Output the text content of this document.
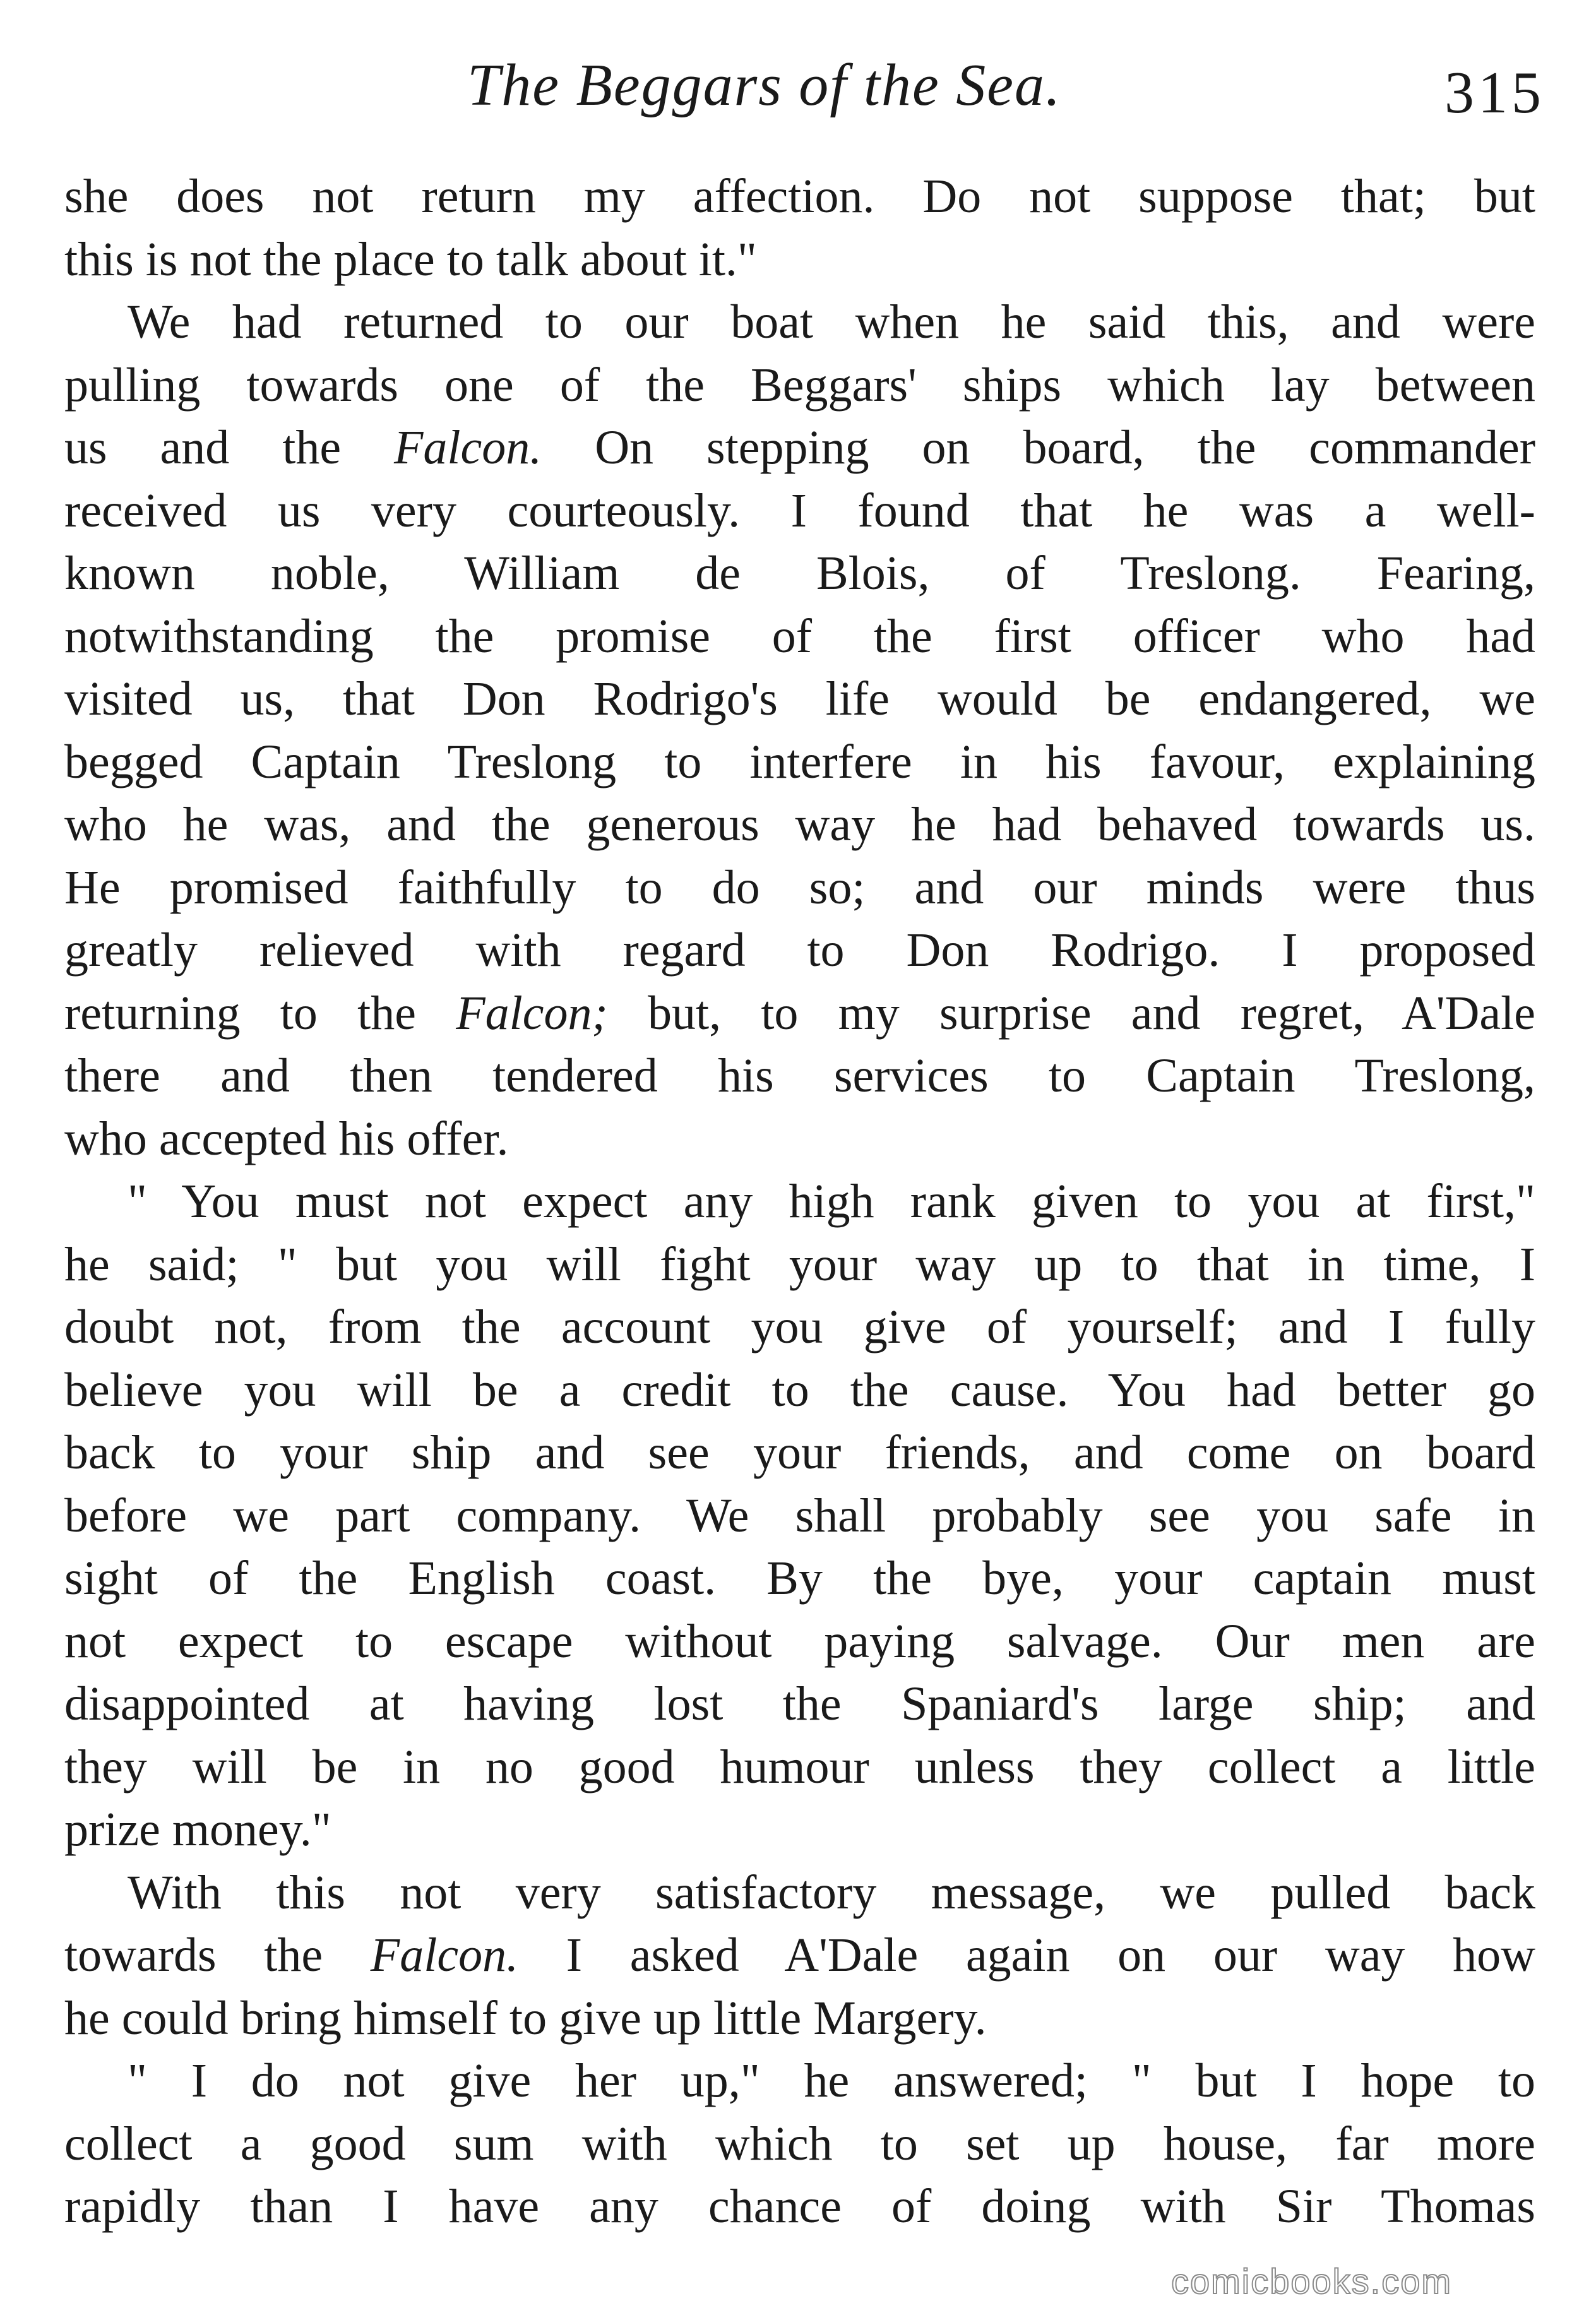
The Beggars of the Sea.	315
she does not return my affection. Do not suppose that; but
this is not the place to talk about it."
We had returned to our boat when he said this, and were
pulling towards one of the Beggars' ships which lay between
us and the Falcon. On stepping on board, the commander
received us very courteously. I found that he was a well-
known noble, William de Blois, of Treslong. Fearing,
notwithstanding the promise of the first officer who had
visited us, that Don Rodrigo's life would be endangered, we
begged Captain Treslong to interfere in his favour, explaining
who he was, and the generous way he had behaved towards us.
He promised faithfully to do so; and our minds were thus
greatly relieved with regard to Don Rodrigo. I proposed
returning to the Falcon; but, to my surprise and regret, A'Dale
there and then tendered his services to Captain Treslong,
who accepted his offer.
" You must not expect any high rank given to you at first,"
he said; " but you will fight your way up to that in time, I
doubt not, from the account you give of yourself; and I fully
believe you will be a credit to the cause. You had better go
back to your ship and see your friends, and come on board
before we part company. We shall probably see you safe in
sight of the English coast. By the bye, your captain must
not expect to escape without paying salvage. Our men are
disappointed at having lost the Spaniard's large ship; and
they will be in no good humour unless they collect a little
prize money."
With this not very satisfactory message, we pulled back
towards the Falcon. I asked A'Dale again on our way how
he could bring himself to give up little Margery.
" I do not give her up," he answered; " but I hope to
collect a good sum with which to set up house, far more
rapidly than I have any chance of doing with Sir Thomas
comicbooks.com
